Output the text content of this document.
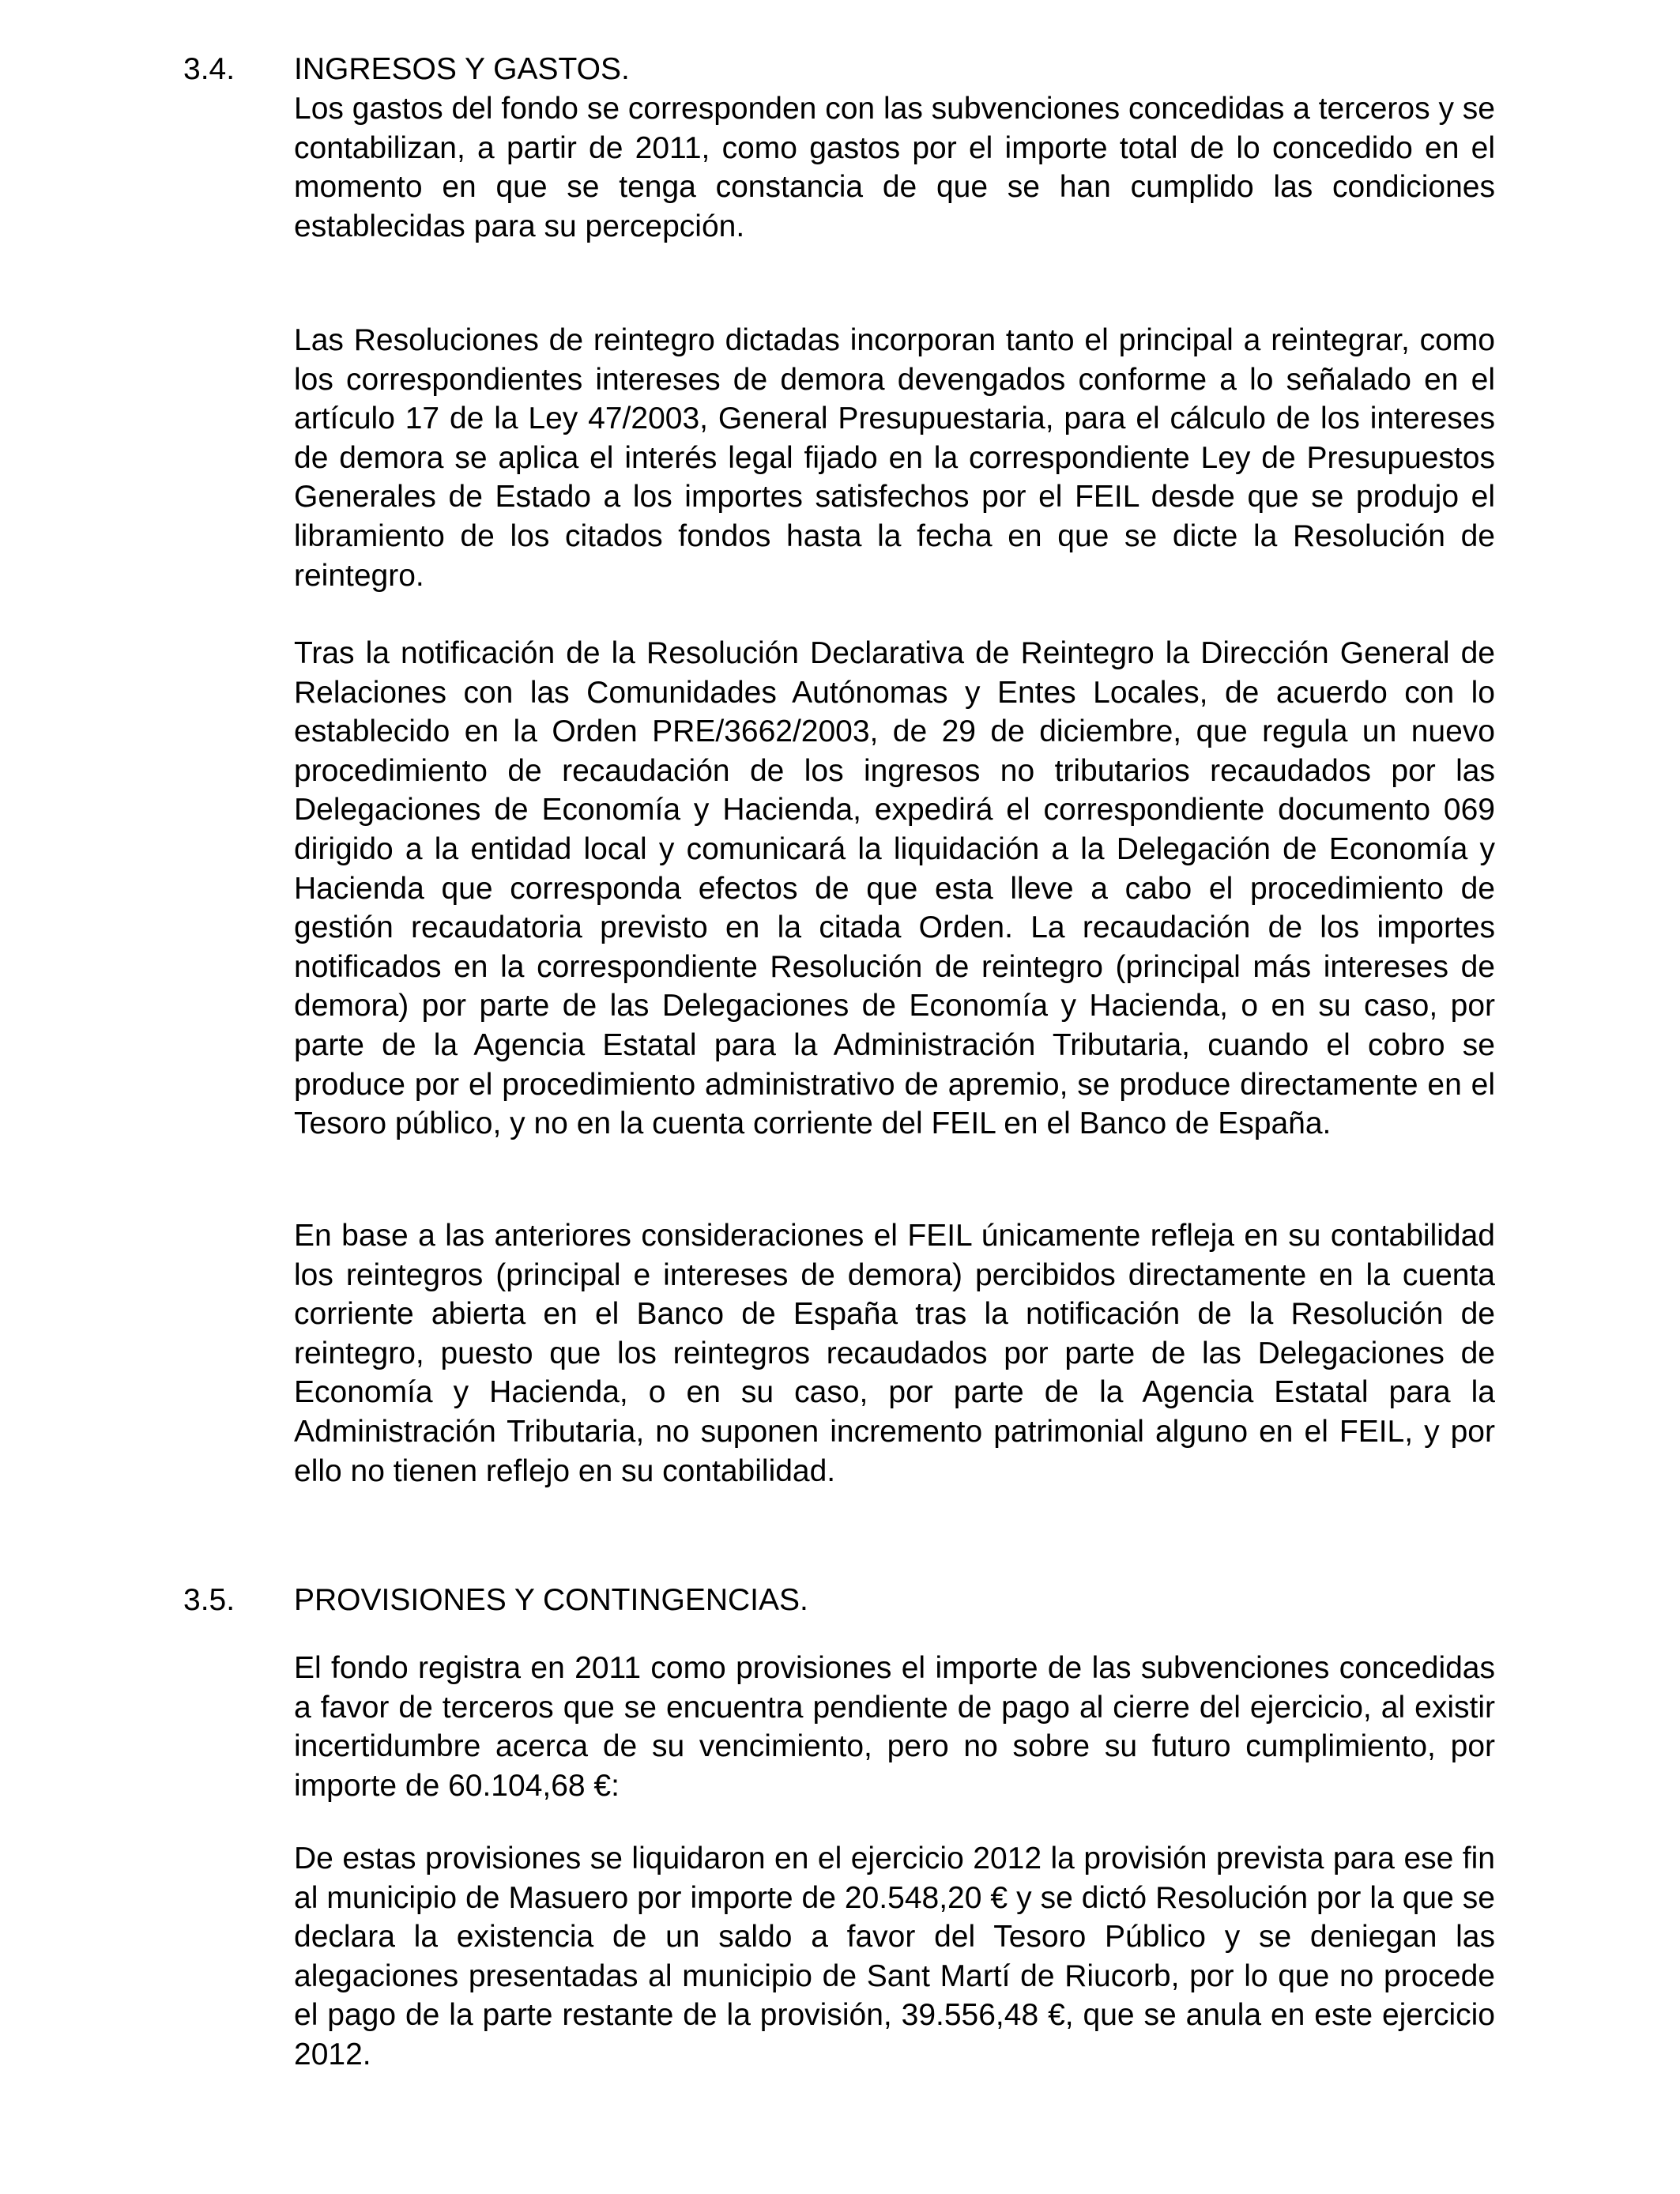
3.4.	INGRESOS Y GASTOS.

Los gastos del fondo se corresponden con las subvenciones concedidas a terceros y se contabilizan, a partir de 2011, como gastos por el importe total de lo concedido en el momento en que se tenga constancia de que se han cumplido las condiciones establecidas para su percepción.

Las Resoluciones de reintegro dictadas incorporan tanto el principal a reintegrar, como los correspondientes intereses de demora devengados conforme a lo señalado en el artículo 17 de la Ley 47/2003, General Presupuestaria, para el cálculo de los intereses de demora se aplica el interés legal fijado en la correspondiente Ley de Presupuestos Generales de Estado a los importes satisfechos por el FEIL desde que se produjo el libramiento de los citados fondos hasta la fecha en que se dicte la Resolución de reintegro.

Tras la notificación de la Resolución Declarativa de Reintegro la Dirección General de Relaciones con las Comunidades Autónomas y Entes Locales, de acuerdo con lo establecido en la Orden PRE/3662/2003, de 29 de diciembre, que regula un nuevo procedimiento de recaudación de los ingresos no tributarios recaudados por las Delegaciones de Economía y Hacienda, expedirá el correspondiente documento 069 dirigido a la entidad local y comunicará la liquidación a la Delegación de Economía y Hacienda que corresponda efectos de que esta lleve a cabo el procedimiento de gestión recaudatoria previsto en la citada Orden. La recaudación de los importes notificados en la correspondiente Resolución de reintegro (principal más intereses de demora) por parte de las Delegaciones de Economía y Hacienda, o en su caso, por parte de la Agencia Estatal para la Administración Tributaria, cuando el cobro se produce por el procedimiento administrativo de apremio, se produce directamente en el Tesoro público, y no en la cuenta corriente del FEIL en el Banco de España.

En base a las anteriores consideraciones el FEIL únicamente refleja en su contabilidad los reintegros (principal e intereses de demora) percibidos directamente en la cuenta corriente abierta en el Banco de España tras la notificación de la Resolución de reintegro, puesto que los reintegros recaudados por parte de las Delegaciones de Economía y Hacienda, o en su caso, por parte de la Agencia Estatal para la Administración Tributaria, no suponen incremento patrimonial alguno en el FEIL, y por ello no tienen reflejo en su contabilidad.

3.5.	PROVISIONES Y CONTINGENCIAS.

El fondo registra en 2011 como provisiones el importe de las subvenciones concedidas a favor de terceros que se encuentra pendiente de pago al cierre del ejercicio, al existir incertidumbre acerca de su vencimiento, pero no sobre su futuro cumplimiento, por importe de 60.104,68 €:

De estas provisiones se liquidaron en el ejercicio 2012 la provisión prevista para ese fin al municipio de Masuero por importe de 20.548,20 € y se dictó Resolución por la que se declara la existencia de un saldo a favor del Tesoro Público y se deniegan las alegaciones presentadas al municipio de Sant Martí de Riucorb, por lo que no procede el pago de la parte restante de la provisión, 39.556,48 €, que se anula en este ejercicio 2012.
